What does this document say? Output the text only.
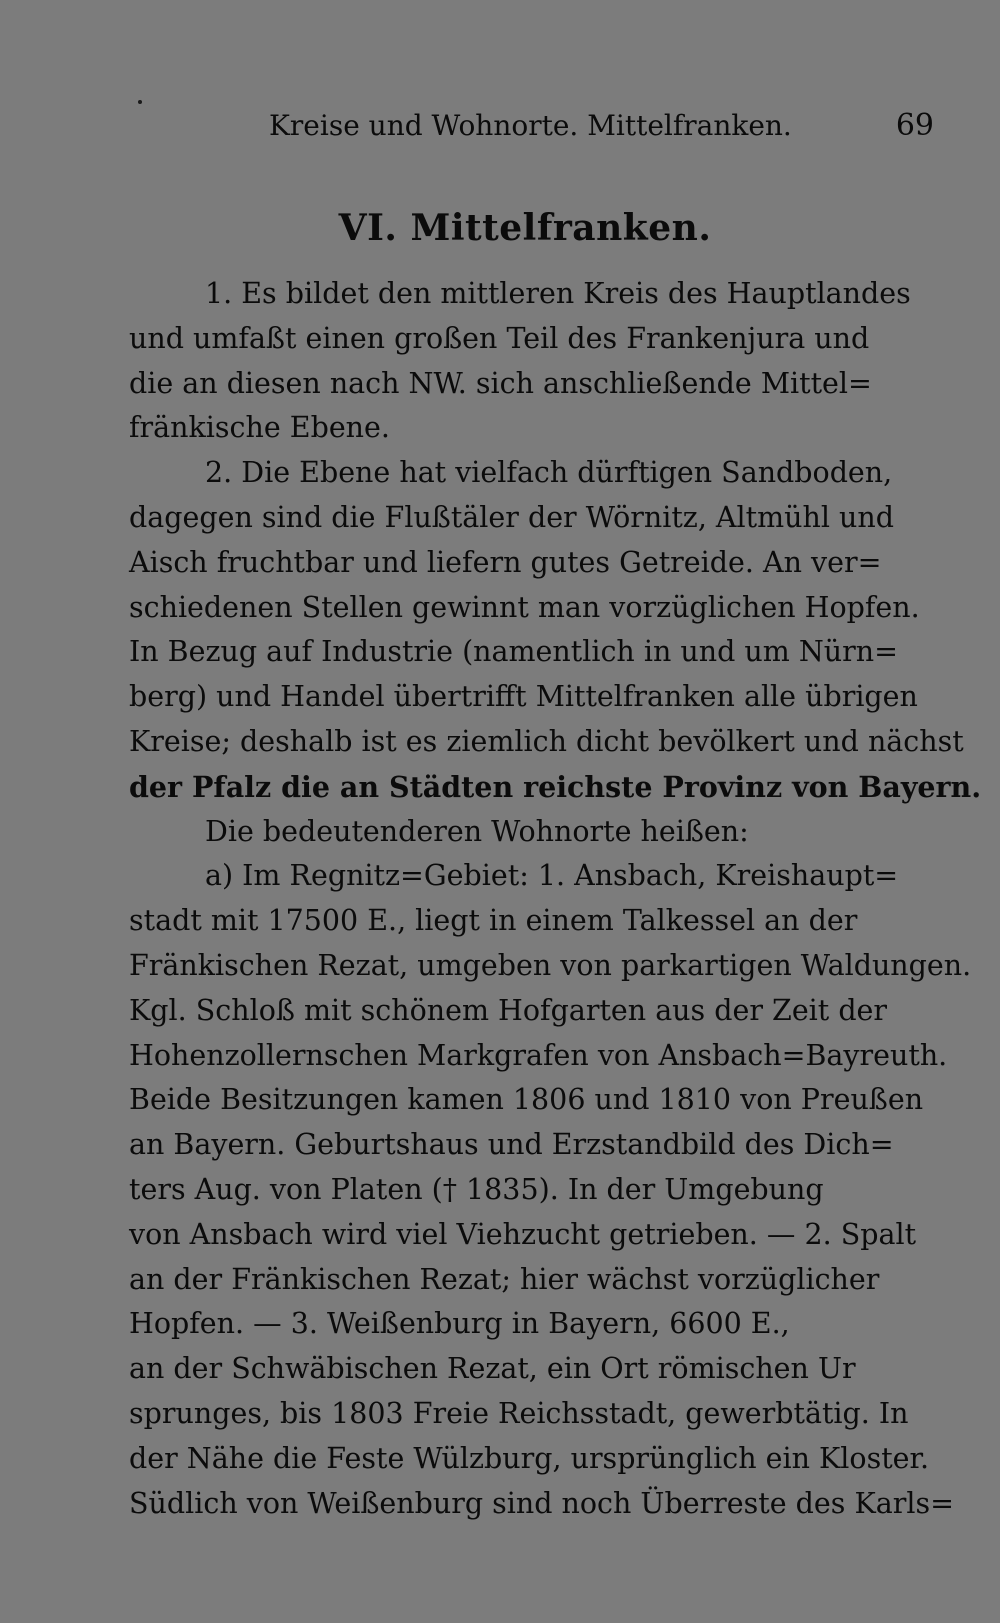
Kreise und Wohnorte. Mittelfranken.	69
VI. Mittelfranken.
1. Es bildet den mittleren Kreis des Hauptlandes
und umfaßt einen großen Teil des Frankenjura und
die an diesen nach NW. sich anschließende Mittel=
fränkische Ebene.
2. Die Ebene hat vielfach dürftigen Sandboden,
dagegen sind die Flußtäler der Wörnitz, Altmühl und
Aisch fruchtbar und liefern gutes Getreide. An ver=
schiedenen Stellen gewinnt man vorzüglichen Hopfen.
In Bezug auf Industrie (namentlich in und um Nürn=
berg) und Handel übertrifft Mittelfranken alle übrigen
Kreise; deshalb ist es ziemlich dicht bevölkert und nächst
der Pfalz die an Städten reichste Provinz von Bayern.
Die bedeutenderen Wohnorte heißen:
a) Im Regnitz=Gebiet: 1. Ansbach, Kreishaupt=
stadt mit 17500 E., liegt in einem Talkessel an der
Fränkischen Rezat, umgeben von parkartigen Waldungen.
Kgl. Schloß mit schönem Hofgarten aus der Zeit der
Hohenzollernschen Markgrafen von Ansbach=Bayreuth.
Beide Besitzungen kamen 1806 und 1810 von Preußen
an Bayern. Geburtshaus und Erzstandbild des Dich=
ters Aug. von Platen († 1835). In der Umgebung
von Ansbach wird viel Viehzucht getrieben. — 2. Spalt
an der Fränkischen Rezat; hier wächst vorzüglicher
Hopfen. — 3. Weißenburg in Bayern, 6600 E.,
an der Schwäbischen Rezat, ein Ort römischen Ur
sprunges, bis 1803 Freie Reichsstadt, gewerbtätig. In
der Nähe die Feste Wülzburg, ursprünglich ein Kloster.
Südlich von Weißenburg sind noch Überreste des Karls=
